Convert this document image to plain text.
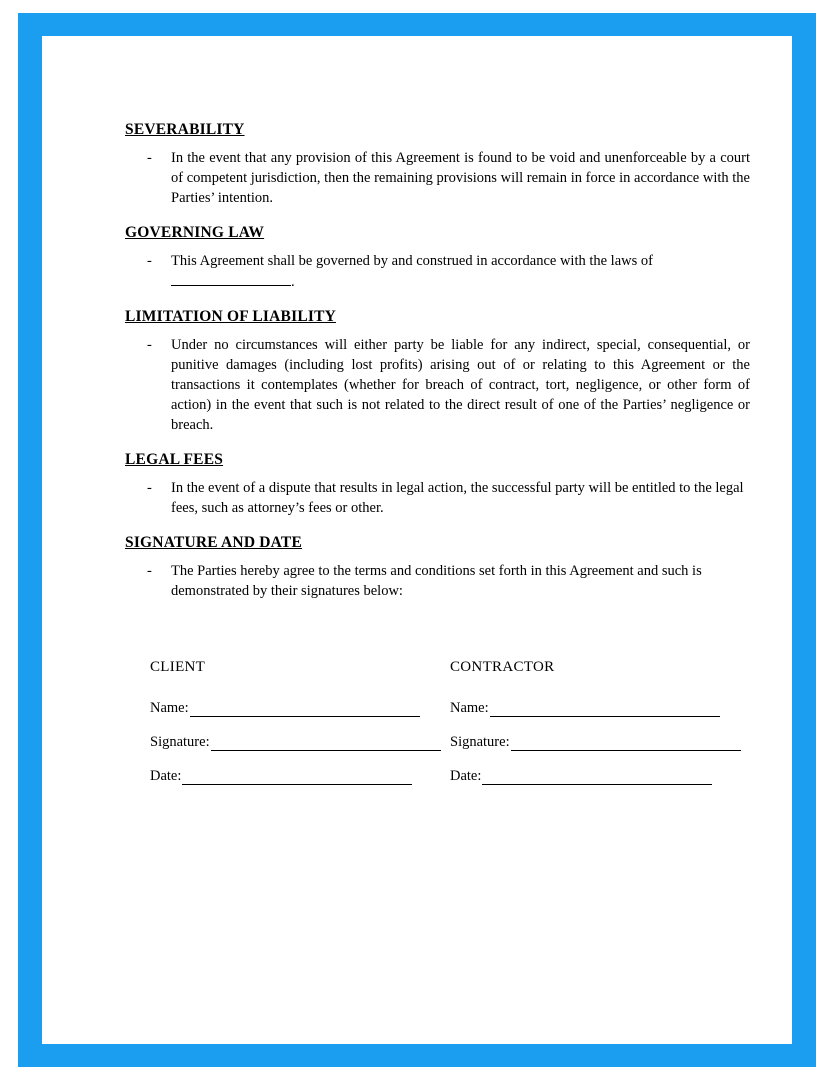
SEVERABILITY
-	In the event that any provision of this Agreement is found to be void and unenforceable by a court of competent jurisdiction, then the remaining provisions will remain in force in accordance with the Parties’ intention.
GOVERNING LAW
-	This Agreement shall be governed by and construed in accordance with the laws of
.
LIMITATION OF LIABILITY
-	Under no circumstances will either party be liable for any indirect, special, consequential, or punitive damages (including lost profits) arising out of or relating to this Agreement or the transactions it contemplates (whether for breach of contract, tort, negligence, or other form of action) in the event that such is not related to the direct result of one of the Parties’ negligence or breach.
LEGAL FEES
-	In the event of a dispute that results in legal action, the successful party will be entitled to the legal fees, such as attorney’s fees or other.
SIGNATURE AND DATE
-	The Parties hereby agree to the terms and conditions set forth in this Agreement and such is demonstrated by their signatures below:
CLIENT
Name:
Signature:
Date:
CONTRACTOR
Name:
Signature:
Date:
